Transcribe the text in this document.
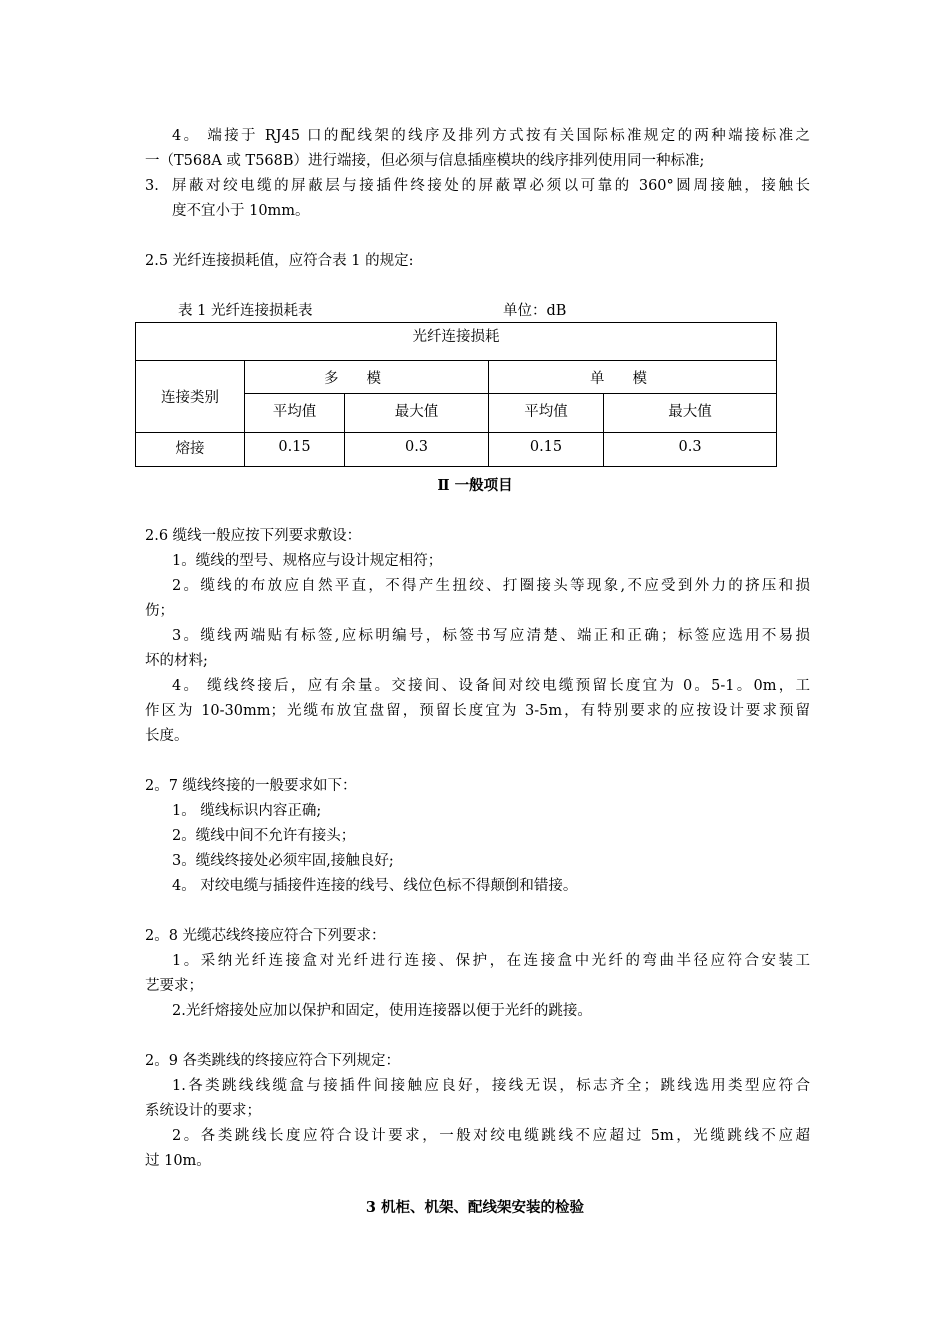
4。 端接于 RJ45 口的配线架的线序及排列方式按有关国际标准规定的两种端接标准之
一（T568A 或 T568B）进行端接，但必须与信息插座模块的线序排列使用同一种标准;
3. 屏蔽对绞电缆的屏蔽层与接插件终接处的屏蔽罩必须以可靠的 360°圆周接触，接触长
度不宜小于 10mm。
2.5 光纤连接损耗值，应符合表 1 的规定:
表 1 光纤连接损耗表	单位：dB
光纤连接损耗				
连接类别	多模		单模	
	平均值	最大值	平均值	最大值
熔接	0.15	0.3	0.15	0.3
Ⅱ 一般项目
2.6 缆线一般应按下列要求敷设：
1。缆线的型号、规格应与设计规定相符；
2。缆线的布放应自然平直，不得产生扭绞、打圈接头等现象,不应受到外力的挤压和损
伤；
3。缆线两端贴有标签,应标明编号，标签书写应清楚、端正和正确；标签应选用不易损
坏的材料;
4。 缆线终接后，应有余量。交接间、设备间对绞电缆预留长度宜为 0。5-1。0m，工
作区为 10-30mm；光缆布放宜盘留，预留长度宜为 3-5m，有特别要求的应按设计要求预留
长度。
2。7 缆线终接的一般要求如下：
1。 缆线标识内容正确;
2。缆线中间不允许有接头；
3。缆线终接处必须牢固,接触良好;
4。 对绞电缆与插接件连接的线号、线位色标不得颠倒和错接。
2。8 光缆芯线终接应符合下列要求：
1。采纳光纤连接盒对光纤进行连接、保护，在连接盒中光纤的弯曲半径应符合安装工
艺要求；
2.光纤熔接处应加以保护和固定，使用连接器以便于光纤的跳接。
2。9 各类跳线的终接应符合下列规定：
1.各类跳线线缆盒与接插件间接触应良好，接线无误，标志齐全；跳线选用类型应符合
系统设计的要求；
2。各类跳线长度应符合设计要求，一般对绞电缆跳线不应超过 5m，光缆跳线不应超
过 10m。
3 机柜、机架、配线架安装的检验
